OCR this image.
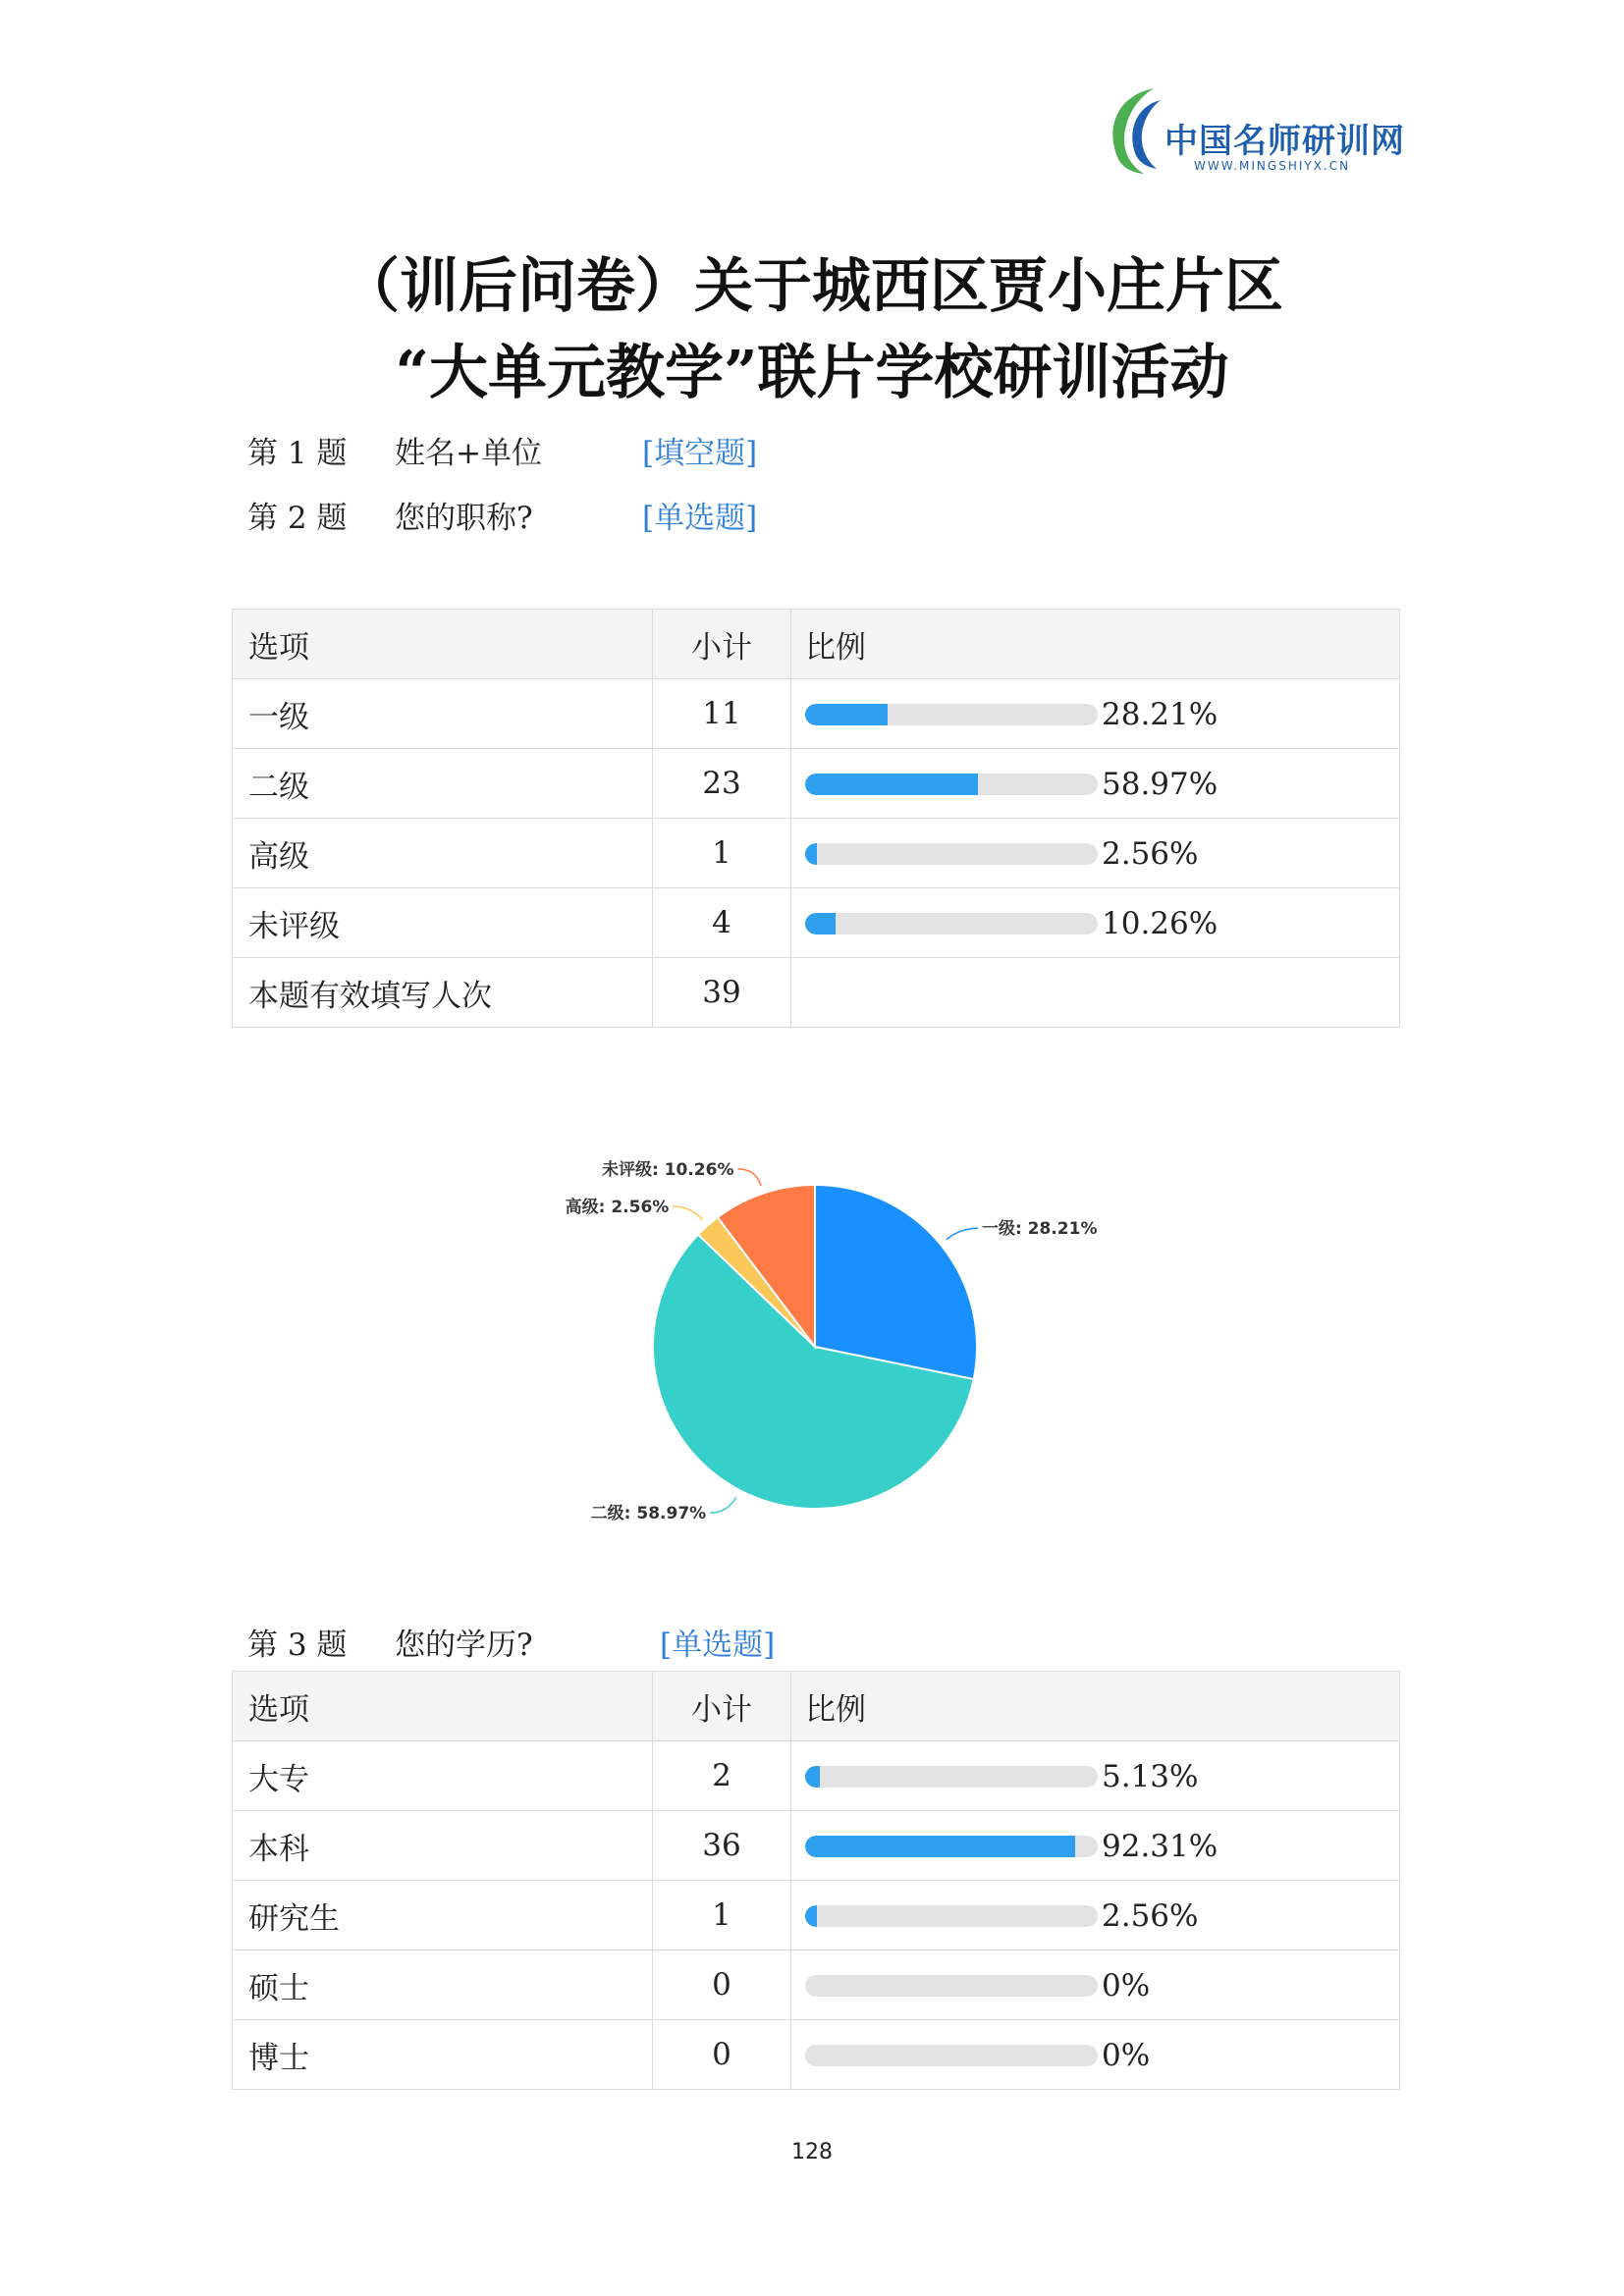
中国名师研训网
WWW.MINGSHIYX.CN
（训后问卷）关于城西区贾小庄片区
“大单元教学”联片学校研训活动
第 1 题 姓名+单位	[填空题]
第 2 题 您的职称?	[单选题]
选项	小计	比例
一级	11	28.21%
二级	23	58.97%
高级	1	2.56%
未评级	4	10.26%
本题有效填写人次	39	
一级: 28.21%
二级: 58.97%
高级: 2.56%
未评级: 10.26%
第 3 题 您的学历?	[单选题]
选项	小计	比例
大专	2	5.13%
本科	36	92.31%
研究生	1	2.56%
硕士	0	0%
博士	0	0%
128
